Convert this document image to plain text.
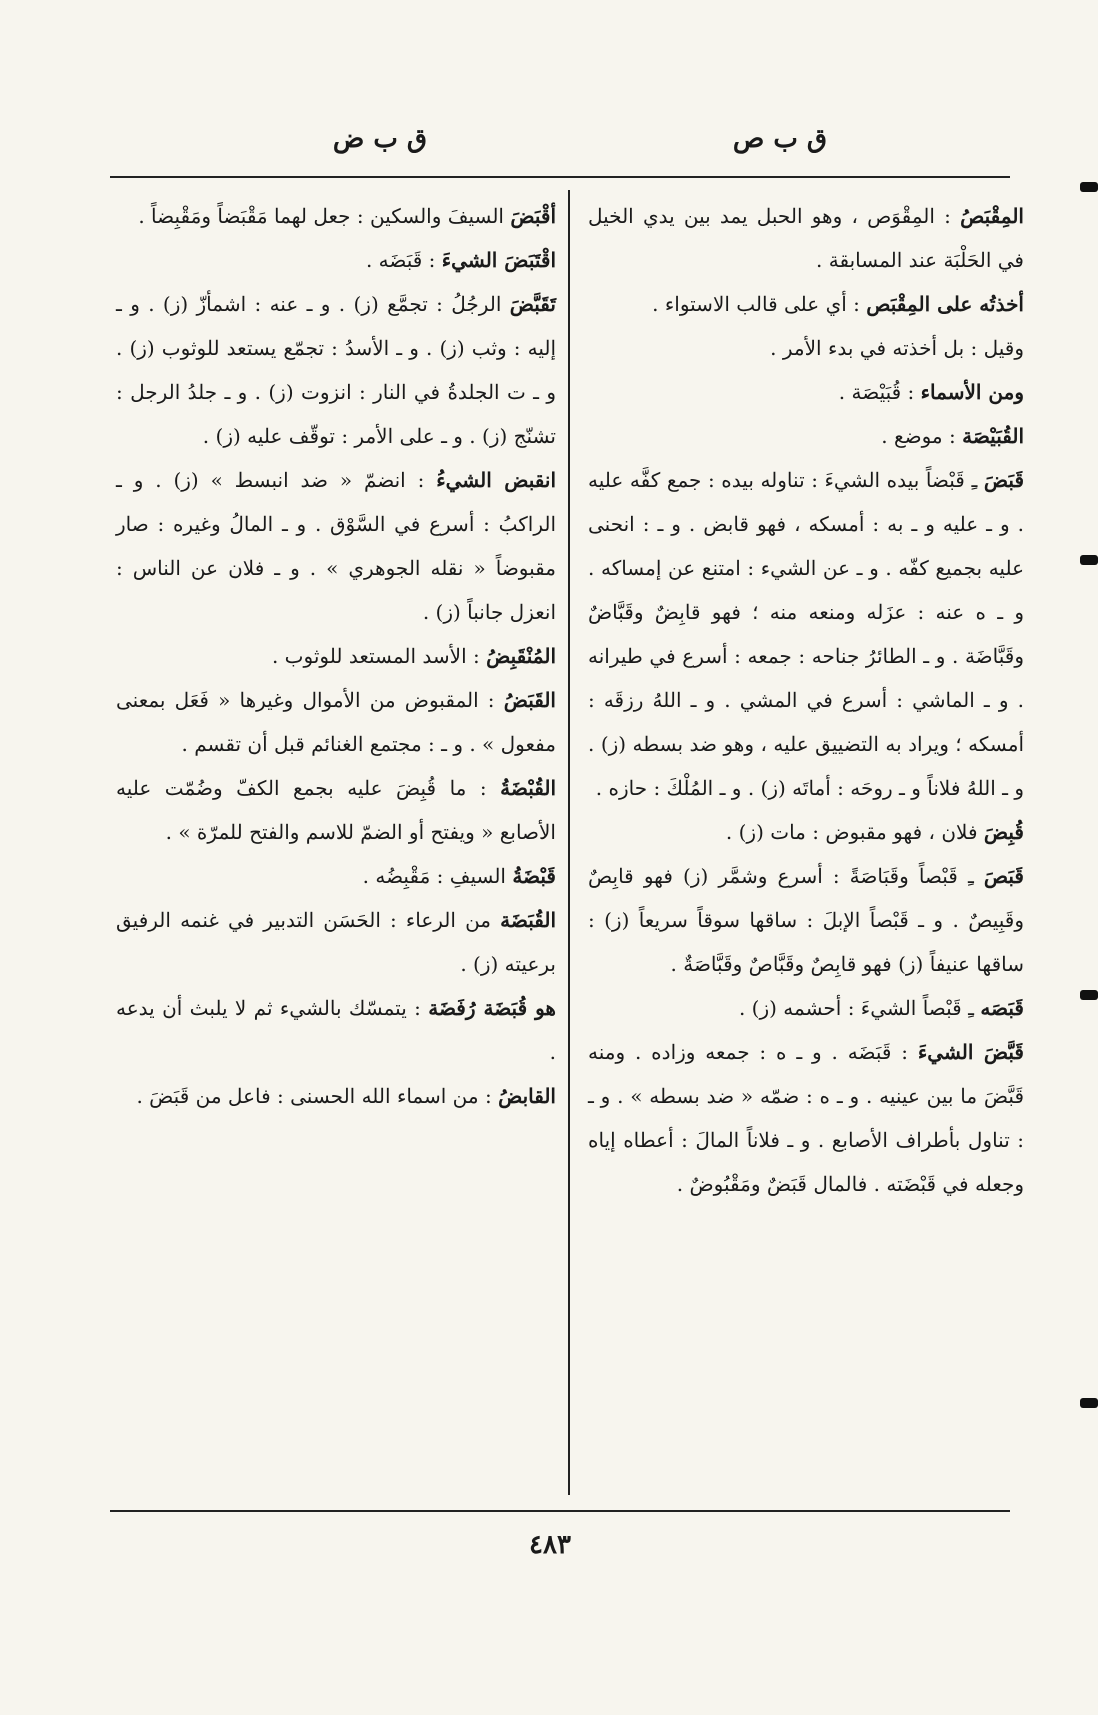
ق ب ص
ق ب ض

المِقْبَصُ : المِقْوَص ، وهو الحبل يمد بين يدي الخيل في الحَلْبَة عند المسابقة .

أخذتُه على المِقْبَص : أي على قالب الاستواء .

وقيل : بل أخذته في بدء الأمر .

ومن الأسماء : قُبَيْصَة .

القُبَيْصَة : موضع .

قَبَضَ ـِ قَبْضاً بيده الشيءَ : تناوله بيده : جمع كفَّه عليه . و ـ عليه و ـ به : أمسكه ، فهو قابض . و ـ : انحنى عليه بجميع كفّه . و ـ عن الشيء : امتنع عن إمساكه . و ـ ه عنه : عزَله ومنعه منه ؛ فهو قابِضٌ وقَبَّاضٌ وقَبَّاضَة . و ـ الطائرُ جناحه : جمعه : أسرع في طيرانه . و ـ الماشي : أسرع في المشي . و ـ اللهُ رزقَه : أمسكه ؛ ويراد به التضييق عليه ، وهو ضد بسطه (ز) . و ـ اللهُ فلاناً و ـ روحَه : أماتَه (ز) . و ـ المُلْكَ : حازه .

قُبِضَ فلان ، فهو مقبوض : مات (ز) .

قَبَصَ ـِ قَبْصاً وقَبَاصَةً : أسرع وشمَّر (ز) فهو قابِصٌ وقَبِيصٌ . و ـ قَبْصاً الإبلَ : ساقها سوقاً سريعاً (ز) : ساقها عنيفاً (ز) فهو قابِصٌ وقَبَّاصٌ وقَبَّاصَةٌ .

قَبَصَه ـِ قَبْصاً الشيءَ : أحشمه (ز) .

قَبَّضَ الشيءَ : قَبَضَه . و ـ ه : جمعه وزاده . ومنه قَبَّضَ ما بين عينيه . و ـ ه : ضمّه « ضد بسطه » . و ـ : تناول بأطراف الأصابع . و ـ فلاناً المالَ : أعطاه إياه وجعله في قَبْضَته . فالمال قَبَضٌ ومَقْبُوضٌ .

أقْبَضَ السيفَ والسكين : جعل لهما مَقْبَضاً ومَقْبِضاً .

اقْتَبَضَ الشيءَ : قَبَضَه .

تَقَبَّضَ الرجُلُ : تجمَّع (ز) . و ـ عنه : اشمأزّ (ز) . و ـ إليه : وثب (ز) . و ـ الأسدُ : تجمّع يستعد للوثوب (ز) . و ـ ت الجلدةُ في النار : انزوت (ز) . و ـ جلدُ الرجل : تشنّج (ز) . و ـ على الأمر : توقّف عليه (ز) .

انقبض الشيءُ : انضمّ « ضد انبسط » (ز) . و ـ الراكبُ : أسرع في السَّوْق . و ـ المالُ وغيره : صار مقبوضاً « نقله الجوهري » . و ـ فلان عن الناس : انعزل جانباً (ز) .

المُنْقَبِضُ : الأسد المستعد للوثوب .

القَبَضُ : المقبوض من الأموال وغيرها « فَعَل بمعنى مفعول » . و ـ : مجتمع الغنائم قبل أن تقسم .

القُبْضَةُ : ما قُبِضَ عليه بجمع الكفّ وضُمّت عليه الأصابع « ويفتح أو الضمّ للاسم والفتح للمرّة » .

قَبْضَةُ السيفِ : مَقْبِضُه .

القُبَضَة من الرعاء : الحَسَن التدبير في غنمه الرفيق برعيته (ز) .

هو قُبَضَة رُفَضَة : يتمسّك بالشيء ثم لا يلبث أن يدعه .

القابضُ : من اسماء الله الحسنى : فاعل من قَبَضَ .

٤٨٣
